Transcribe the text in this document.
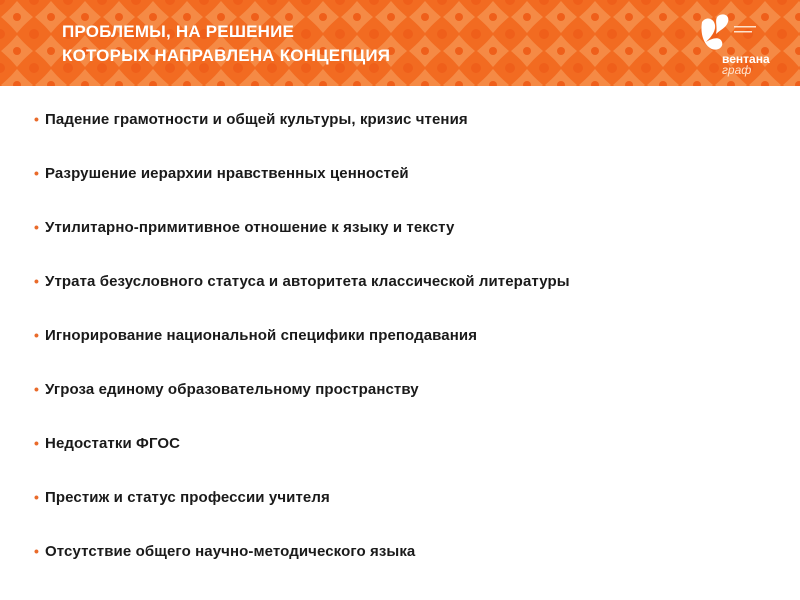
ПРОБЛЕМЫ, НА РЕШЕНИЕ
КОТОРЫХ НАПРАВЛЕНА КОНЦЕПЦИЯ	вентана
граф
• Падение грамотности и общей культуры, кризис чтения
• Разрушение иерархии нравственных ценностей
• Утилитарно-примитивное отношение к языку и тексту
• Утрата безусловного статуса и авторитета классической литературы
• Игнорирование национальной специфики преподавания
• Угроза единому образовательному пространству
• Недостатки ФГОС
• Престиж и статус профессии учителя
• Отсутствие общего научно-методического языка
